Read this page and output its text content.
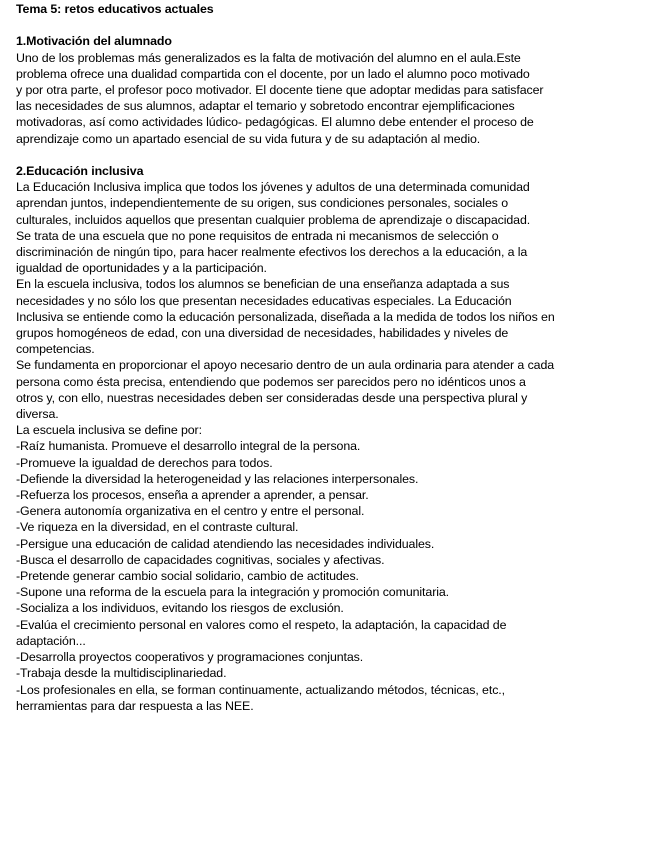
Tema 5: retos educativos actuales

1.Motivación del alumnado

Uno de los problemas más generalizados es la falta de motivación del alumno en el aula.Este

problema ofrece una dualidad compartida con el docente, por un lado el alumno poco motivado

y por otra parte, el profesor poco motivador. El docente tiene que adoptar medidas para satisfacer

las necesidades de sus alumnos, adaptar el temario y sobretodo encontrar ejemplificaciones

motivadoras, así como actividades lúdico- pedagógicas. El alumno debe entender el proceso de

aprendizaje como un apartado esencial de su vida futura y de su adaptación al medio.

2.Educación inclusiva

La Educación Inclusiva implica que todos los jóvenes y adultos de una determinada comunidad

aprendan juntos, independientemente de su origen, sus condiciones personales, sociales o

culturales, incluidos aquellos que presentan cualquier problema de aprendizaje o discapacidad.

Se trata de una escuela que no pone requisitos de entrada ni mecanismos de selección o

discriminación de ningún tipo, para hacer realmente efectivos los derechos a la educación, a la

igualdad de oportunidades y a la participación.

En la escuela inclusiva, todos los alumnos se benefician de una enseñanza adaptada a sus

necesidades y no sólo los que presentan necesidades educativas especiales. La Educación

Inclusiva se entiende como la educación personalizada, diseñada a la medida de todos los niños en

grupos homogéneos de edad, con una diversidad de necesidades, habilidades y niveles de

competencias.

Se fundamenta en proporcionar el apoyo necesario dentro de un aula ordinaria para atender a cada

persona como ésta precisa, entendiendo que podemos ser parecidos pero no idénticos unos a

otros y, con ello, nuestras necesidades deben ser consideradas desde una perspectiva plural y

diversa.

La escuela inclusiva se define por:

-Raíz humanista. Promueve el desarrollo integral de la persona.

-Promueve la igualdad de derechos para todos.

-Defiende la diversidad la heterogeneidad y las relaciones interpersonales.

-Refuerza los procesos, enseña a aprender a aprender, a pensar.

-Genera autonomía organizativa en el centro y entre el personal.

-Ve riqueza en la diversidad, en el contraste cultural.

-Persigue una educación de calidad atendiendo las necesidades individuales.

-Busca el desarrollo de capacidades cognitivas, sociales y afectivas.

-Pretende generar cambio social solidario, cambio de actitudes.

-Supone una reforma de la escuela para la integración y promoción comunitaria.

-Socializa a los individuos, evitando los riesgos de exclusión.

-Evalúa el crecimiento personal en valores como el respeto, la adaptación, la capacidad de

adaptación...

-Desarrolla proyectos cooperativos y programaciones conjuntas.

-Trabaja desde la multidisciplinariedad.

-Los profesionales en ella, se forman continuamente, actualizando métodos, técnicas, etc.,

herramientas para dar respuesta a las NEE.
